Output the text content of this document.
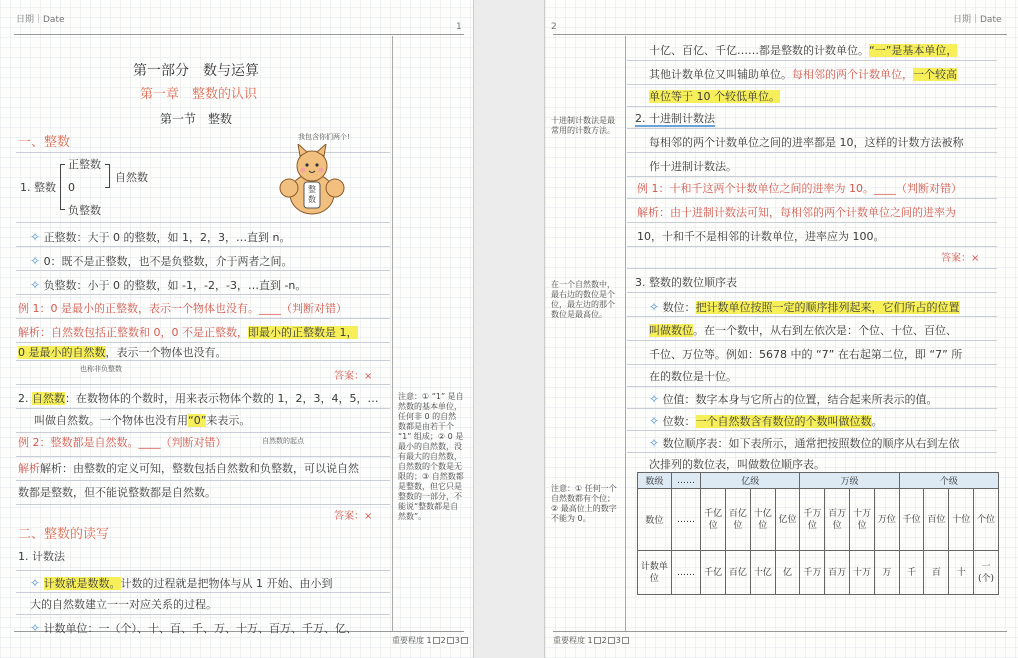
日期｜Date
1
第一部分　数与运算
第一章　整数的认识
第一节　整数
一、整数	我包含你们两个!
整数
1. 整数
正整数
0
负整数
自然数
✧ 正整数：大于 0 的整数，如 1，2，3，…直到 n。
✧ 0：既不是正整数，也不是负整数，介于两者之间。
✧ 负整数：小于 0 的整数，如 -1，-2，-3，…直到 -n。
例 1：0 是最小的正整数，表示一个物体也没有。____（判断对错）
解析：自然数包括正整数和 0，0 不是正整数，即最小的正整数是 1，
0 是最小的自然数，表示一个物体也没有。
答案：×
也称非负整数
2. 自然数：在数物体的个数时，用来表示物体个数的 1，2，3，4，5，…
叫做自然数。一个物体也没有用“0”来表示。
例 2：整数都是自然数。____（判断对错）	自然数的起点
解析解析：由整数的定义可知，整数包括自然数和负整数，可以说自然
数都是整数，但不能说整数都是自然数。
答案：×
二、整数的读写
1. 计数法
✧ 计数就是数数。计数的过程就是把物体与从 1 开始、由小到
大的自然数建立一一对应关系的过程。
✧ 计数单位：一（个）、十、百、千、万、十万、百万、千万、亿、
注意：① “1” 是自然数的基本单位，任何非 0 的自然数都是由若干个 “1” 组成；② 0 是最小的自然数，没有最大的自然数，自然数的个数是无限的；③ 自然数都是整数，但它只是整数的一部分，不能说“整数都是自然数”。
重要程度 1 2 3
2
日期｜Date
十亿、百亿、千亿……都是整数的计数单位。“一”是基本单位，
其他计数单位又叫辅助单位。每相邻的两个计数单位，一个较高
单位等于 10 个较低单位。
2. 十进制计数法
每相邻的两个计数单位之间的进率都是 10，这样的计数方法被称
作十进制计数法。
例 1：十和千这两个计数单位之间的进率为 10。____（判断对错）
解析：由十进制计数法可知，每相邻的两个计数单位之间的进率为
10，十和千不是相邻的计数单位，进率应为 100。
答案：×
十进制计数法是最常用的计数方法。
3. 整数的数位顺序表
✧ 数位：把计数单位按照一定的顺序排列起来，它们所占的位置
叫做数位。在一个数中，从右到左依次是：个位、十位、百位、
千位、万位等。例如：5678 中的 “7” 在右起第二位，即 “7” 所
在的数位是十位。
✧ 位值：数字本身与它所占的位置，结合起来所表示的值。
✧ 位数：一个自然数含有数位的个数叫做位数。
✧ 数位顺序表：如下表所示，通常把按照数位的顺序从右到左依
次排列的数位表，叫做数位顺序表。
在一个自然数中，最右边的数位是个位，最左边的那个数位是最高位。
注意：① 任何一个自然数都有个位；② 最高位上的数字不能为 0。
数级	……	亿级				万级				个级			
数位	……	千亿位	百亿位	十亿位	亿位	千万位	百万位	十万位	万位	千位	百位	十位	个位
计数单位	……	千亿	百亿	十亿	亿	千万	百万	十万	万	千	百	十	一(个)
重要程度 1 2 3
